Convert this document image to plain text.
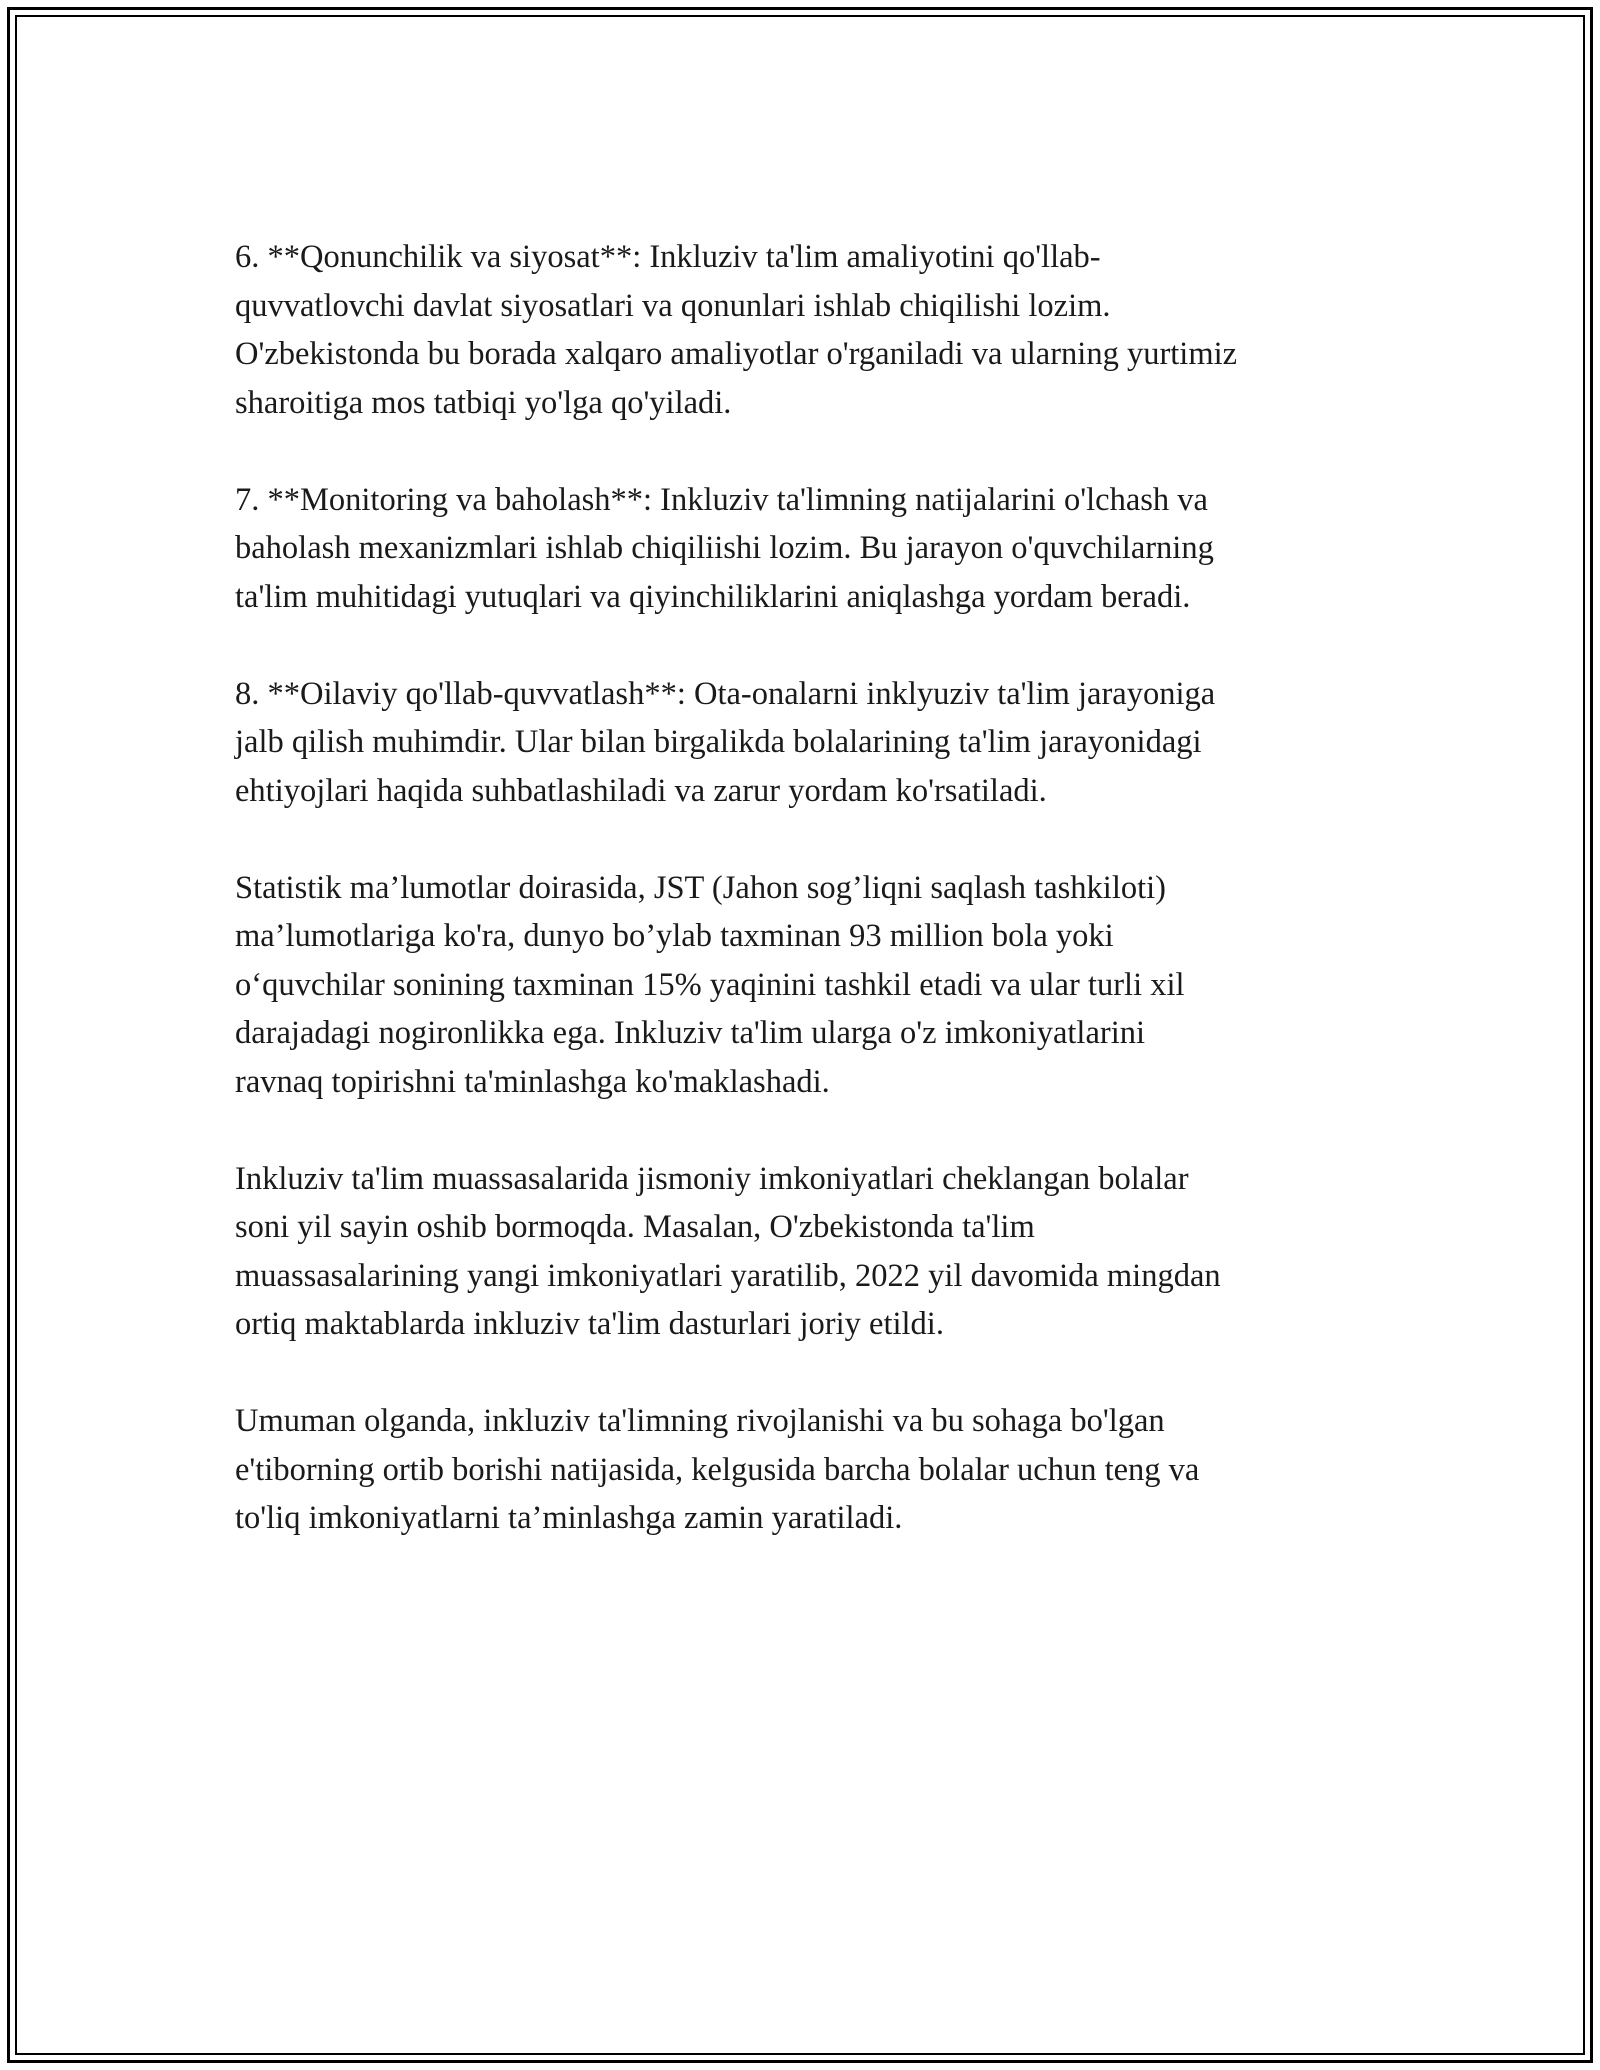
6. **Qonunchilik va siyosat**: Inkluziv ta'lim amaliyotini qo'llab-
quvvatlovchi davlat siyosatlari va qonunlari ishlab chiqilishi lozim.
O'zbekistonda bu borada xalqaro amaliyotlar o'rganiladi va ularning yurtimiz
sharoitiga mos tatbiqi yo'lga qo'yiladi.

7. **Monitoring va baholash**: Inkluziv ta'limning natijalarini o'lchash va
baholash mexanizmlari ishlab chiqiliishi lozim. Bu jarayon o'quvchilarning
ta'lim muhitidagi yutuqlari va qiyinchiliklarini aniqlashga yordam beradi.

8. **Oilaviy qo'llab-quvvatlash**: Ota-onalarni inklyuziv ta'lim jarayoniga
jalb qilish muhimdir. Ular bilan birgalikda bolalarining ta'lim jarayonidagi
ehtiyojlari haqida suhbatlashiladi va zarur yordam ko'rsatiladi.

Statistik ma’lumotlar doirasida, JST (Jahon sog’liqni saqlash tashkiloti)
ma’lumotlariga ko'ra, dunyo bo’ylab taxminan 93 million bola yoki
o‘quvchilar sonining taxminan 15% yaqinini tashkil etadi va ular turli xil
darajadagi nogironlikka ega. Inkluziv ta'lim ularga o'z imkoniyatlarini
ravnaq topirishni ta'minlashga ko'maklashadi.

Inkluziv ta'lim muassasalarida jismoniy imkoniyatlari cheklangan bolalar
soni yil sayin oshib bormoqda. Masalan, O'zbekistonda ta'lim
muassasalarining yangi imkoniyatlari yaratilib, 2022 yil davomida mingdan
ortiq maktablarda inkluziv ta'lim dasturlari joriy etildi.

Umuman olganda, inkluziv ta'limning rivojlanishi va bu sohaga bo'lgan
e'tiborning ortib borishi natijasida, kelgusida barcha bolalar uchun teng va
to'liq imkoniyatlarni ta’minlashga zamin yaratiladi.
